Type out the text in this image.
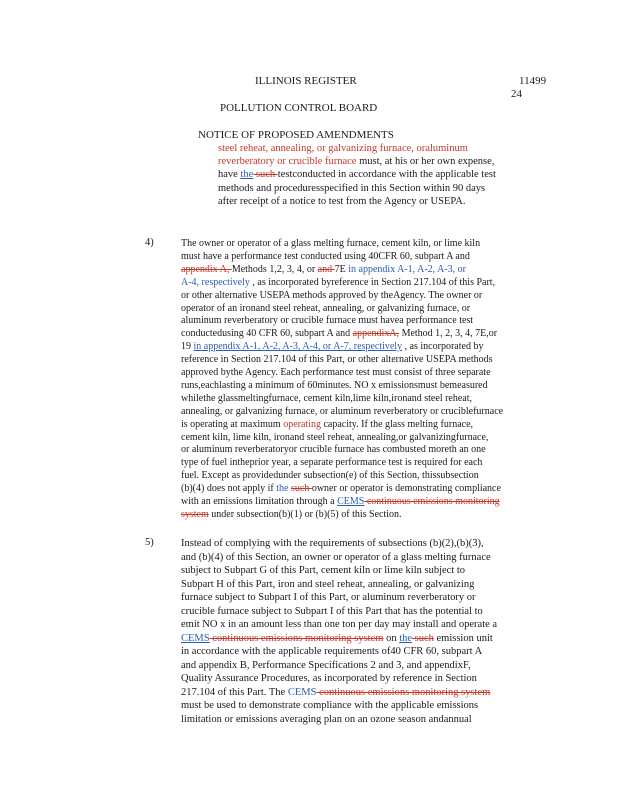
ILLINOIS REGISTER	11499
24
POLLUTION CONTROL BOARD
NOTICE OF PROPOSED AMENDMENTS
steel reheat, annealing, or galvanizing furnace, oraluminum
reverberatory or crucible furnace must, at his or her own expense,
have the such testconducted in accordance with the applicable test
methods and proceduresspecified in this Section within 90 days
after receipt of a notice to test from the Agency or USEPA.
4)	The owner or operator of a glass melting furnace, cement kiln, or lime kiln
must have a performance test conducted using 40CFR 60, subpart A and
appendix A, Methods 1,2, 3, 4, or and 7E in appendix A-1, A-2, A-3, or
A-4, respectively , as incorporated byreference in Section 217.104 of this Part,
or other alternative USEPA methods approved by theAgency. The owner or
operator of an ironand steel reheat, annealing, or galvanizing furnace, or
aluminum reverberatory or crucible furnace must havea performance test
conductedusing 40 CFR 60, subpart A and appendixA, Method 1, 2, 3, 4, 7E,or
19 in appendix A-1, A-2, A-3, A-4, or A-7, respectively , as incorporated by
reference in Section 217.104 of this Part, or other alternative USEPA methods
approved bythe Agency. Each performance test must consist of three separate
runs,eachlasting a minimum of 60minutes. NO x emissionsmust bemeasured
whilethe glassmeltingfurnace, cement kiln,lime kiln,ironand steel reheat,
annealing, or galvanizing furnace, or aluminum reverberatory or cruciblefurnace
is operating at maximum operating capacity. If the glass melting furnace,
cement kiln, lime kiln, ironand steel reheat, annealing,or galvanizingfurnace,
or aluminum reverberatoryor crucible furnace has combusted moreth an one
type of fuel intheprior year, a separate performance test is required for each
fuel. Except as providedunder subsection(e) of this Section, thissubsection
(b)(4) does not apply if the such owner or operator is demonstrating compliance
with an emissions limitation through a CEMS continuous emissions monitoring
system under subsection(b)(1) or (b)(5) of this Section.
5)	Instead of complying with the requirements of subsections (b)(2),(b)(3),
and (b)(4) of this Section, an owner or operator of a glass melting furnace
subject to Subpart G of this Part, cement kiln or lime kiln subject to
Subpart H of this Part, iron and steel reheat, annealing, or galvanizing
furnace subject to Subpart I of this Part, or aluminum reverberatory or
crucible furnace subject to Subpart I of this Part that has the potential to
emit NO x in an amount less than one ton per day may install and operate a
CEMS continuous emissions monitoring system on the such emission unit
in accordance with the applicable requirements of40 CFR 60, subpart A
and appendix B, Performance Specifications 2 and 3, and appendixF,
Quality Assurance Procedures, as incorporated by reference in Section
217.104 of this Part. The CEMS continuous emissions monitoring system
must be used to demonstrate compliance with the applicable emissions
limitation or emissions averaging plan on an ozone season andannual
